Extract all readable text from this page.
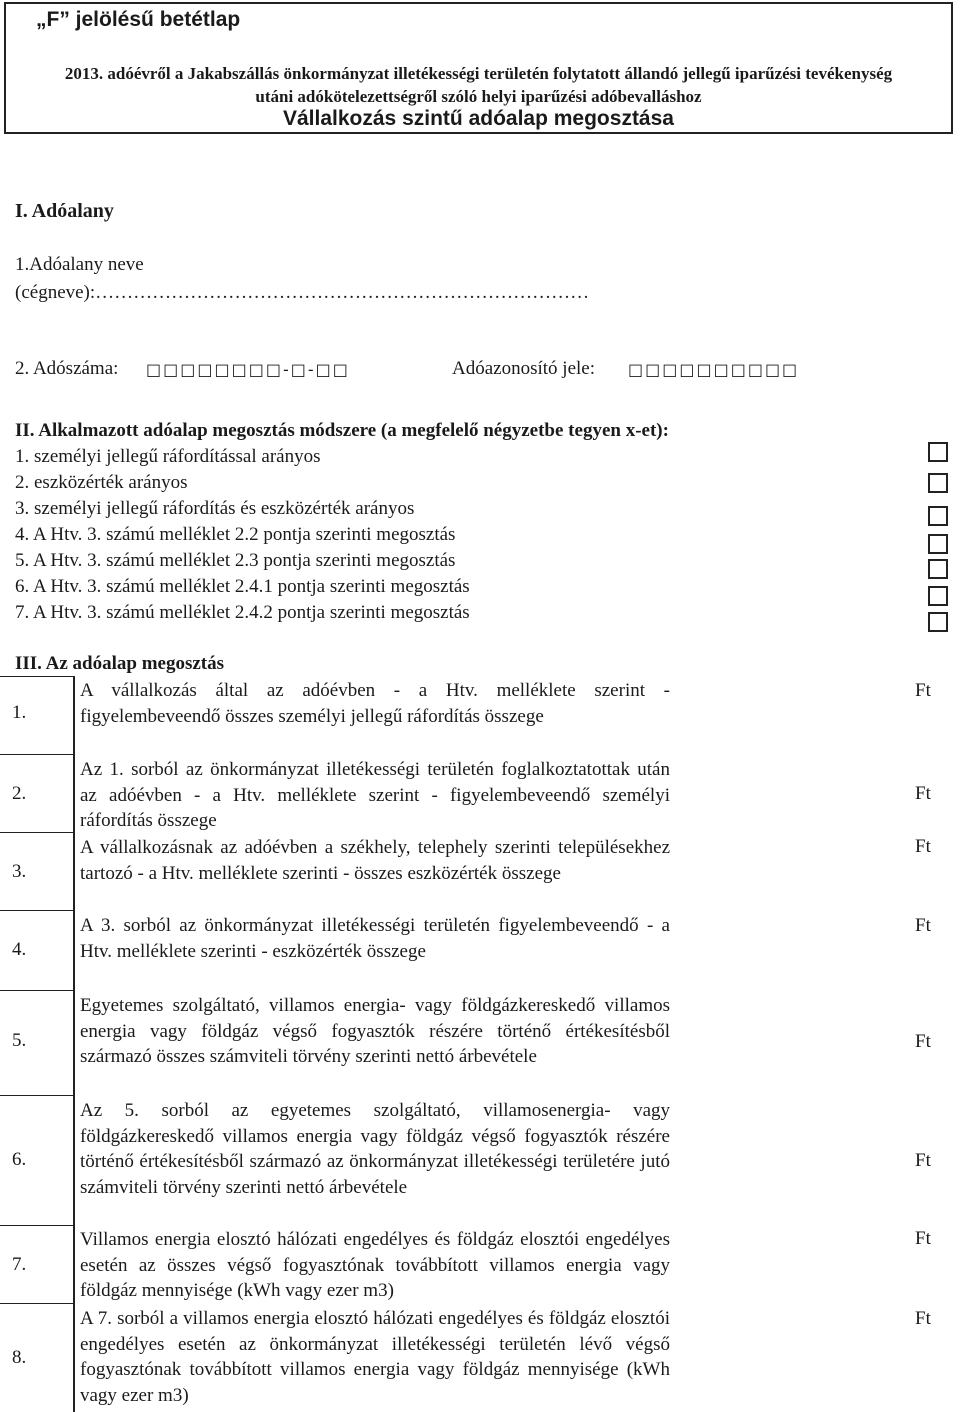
„F” jelölésű betétlap
2013. adóévről a Jakabszállás önkormányzat illetékességi területén folytatott állandó jellegű iparűzési tevékenység
utáni adókötelezettségről szóló helyi iparűzési adóbevalláshoz
Vállalkozás szintű adóalap megosztása
I. Adóalany
1.Adóalany neve
(cégneve):……………………………………………………………………
2. Adószáma: □□□□□□□□-□-□□	Adóazonosító jele: □□□□□□□□□□
II. Alkalmazott adóalap megosztás módszere (a megfelelő négyzetbe tegyen x-et):
1. személyi jellegű ráfordítással arányos
2. eszközérték arányos
3. személyi jellegű ráfordítás és eszközérték arányos
4. A Htv. 3. számú melléklet 2.2 pontja szerinti megosztás
5. A Htv. 3. számú melléklet 2.3 pontja szerinti megosztás
6. A Htv. 3. számú melléklet 2.4.1 pontja szerinti megosztás
7. A Htv. 3. számú melléklet 2.4.2 pontja szerinti megosztás
III. Az adóalap megosztás
1.
A vállalkozás által az adóévben - a Htv. melléklete szerint - figyelembeveendő összes személyi jellegű ráfordítás összege
Ft
2.
Az 1. sorból az önkormányzat illetékességi területén foglalkoztatottak után az adóévben - a Htv. melléklete szerint - figyelembeveendő személyi ráfordítás összege
Ft
3.
A vállalkozásnak az adóévben a székhely, telephely szerinti településekhez tartozó - a Htv. melléklete szerinti - összes eszközérték összege
Ft
4.
A 3. sorból az önkormányzat illetékességi területén figyelembeveendő - a Htv. melléklete szerinti - eszközérték összege
Ft
5.
Egyetemes szolgáltató, villamos energia- vagy földgázkereskedő villamos energia vagy földgáz végső fogyasztók részére történő értékesítésből származó összes számviteli törvény szerinti nettó árbevétele
Ft
6.
Az 5. sorból az egyetemes szolgáltató, villamosenergia- vagy földgázkereskedő villamos energia vagy földgáz végső fogyasztók részére történő értékesítésből származó az önkormányzat illetékességi területére jutó számviteli törvény szerinti nettó árbevétele
Ft
7.
Villamos energia elosztó hálózati engedélyes és földgáz elosztói engedélyes esetén az összes végső fogyasztónak továbbított villamos energia vagy földgáz mennyisége (kWh vagy ezer m3)
Ft
8.
A 7. sorból a villamos energia elosztó hálózati engedélyes és földgáz elosztói engedélyes esetén az önkormányzat illetékességi területén lévő végső fogyasztónak továbbított villamos energia vagy földgáz mennyisége (kWh vagy ezer m3)
Ft
